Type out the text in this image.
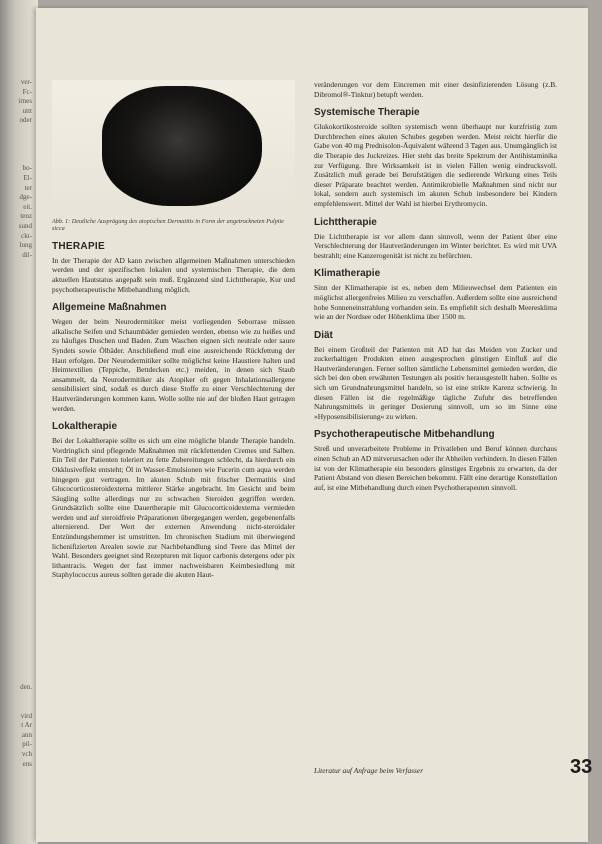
ver-
Fc-
irnes
uttt
oder
bo-
El-
ter
dge-
eit.
tenz
sund
ckt-
lung
dil-
den.
vird
t Ar
ann
pil-
vch
ens
Abb. 1: Deutliche Ausprägung des atopischen Dermatitis in Form der angetrockneten Pulpite sicca
THERAPIE

In der Therapie der AD kann zwischen allgemeinen Maßnahmen unterschieden werden und der spezifischen lokalen und systemischen Therapie, die dem aktuellen Hautstatus angepaßt sein muß. Ergänzend sind Lichttherapie, Kur und psychotherapeutische Mitbehandlung möglich.

Allgemeine Maßnahmen

Wegen der beim Neurodermitiker meist vorliegenden Seborrase müssen alkalische Seifen und Schaumbäder gemieden werden, ebenso wie zu heißes und zu häufiges Duschen und Baden. Zum Waschen eignen sich neutrale oder saure Syndets sowie Ölbäder. Anschließend muß eine ausreichende Rückfettung der Haut erfolgen. Der Neurodermitiker sollte möglichst keine Haustiere halten und Heimtextilien (Teppiche, Bettdecken etc.) meiden, in denen sich Staub ansammelt, da Neurodermitiker als Atopiker oft gegen Inhalationsallergene sensibilisiert sind, sodaß es durch diese Stoffe zu einer Verschlechterung der Hautveränderungen kommen kann. Wolle sollte nie auf der bloßen Haut getragen werden.

Lokaltherapie

Bei der Lokaltherapie sollte es sich um eine mögliche blande Therapie handeln. Vordringlich sind pflegende Maßnahmen mit rückfettenden Cremes und Salben. Ein Teil der Patienten toleriert zu fette Zubereitungen schlecht, da hierdurch ein Okklusiveffekt entsteht; Öl in Wasser-Emulsionen wie Fucerin cum aqua werden hingegen gut vertragen. Im akuten Schub mit frischer Dermatitis sind Glucocorticosteroidexterna mittlerer Stärke angebracht. Im Gesicht und beim Säugling sollte allerdings nur zu schwachen Steroiden gegriffen werden. Grundsätzlich sollte eine Dauertherapie mit Glucocorticoidexterna vermieden werden und auf steroidfreie Präparationen übergegangen werden, gegebenenfalls alternierend. Der Wert der externen Anwendung nicht-steroidaler Entzündungshemmer ist umstritten. Im chronischen Stadium mit überwiegend lichenifizierten Arealen sowie zur Nachbehandlung sind Teere das Mittel der Wahl. Besonders geeignet sind Rezepturen mit liquor carbonis detergens oder pix lithantracis. Wegen der fast immer nachweisbaren Keimbesiedlung mit Staphylococcus aureus sollten gerade die akuten Haut-

veränderungen vor dem Eincremen mit einer desinfizierenden Lösung (z.B. Dibromol®-Tinktur) betupft werden.

Systemische Therapie

Glukokortikosteroide sollten systemisch wenn überhaupt nur kurzfristig zum Durchbrechen eines akuten Schubes gegeben werden. Meist reicht hierfür die Gabe von 40 mg Prednisolon-Äquivalent während 3 Tagen aus. Unumgänglich ist die Therapie des Juckreizes. Hier steht das breite Spektrum der Antihistaminika zur Verfügung. Ihre Wirksamkeit ist in vielen Fällen wenig eindrucksvoll. Zusätzlich muß gerade bei Berufstätigen die sedierende Wirkung eines Teils dieser Präparate beachtet werden. Antimikrobielle Maßnahmen sind nicht nur lokal, sondern auch systemisch im akuten Schub insbesondere bei Kindern empfehlenswert. Mittel der Wahl ist hierbei Erythromycin.

Lichttherapie

Die Lichttherapie ist vor allem dann sinnvoll, wenn der Patient über eine Verschlechterung der Hautveränderungen im Winter berichtet. Es wird mit UVA bestrahlt; eine Kanzerogenität ist nicht zu befürchten.

Klimatherapie

Sinn der Klimatherapie ist es, neben dem Milieuwechsel dem Patienten ein möglichst allergenfreies Milieu zu verschaffen. Außerdem sollte eine ausreichend hohe Sonneneinstrahlung vorhanden sein. Es empfiehlt sich deshalb Meeresklima wie an der Nordsee oder Höhenklima über 1500 m.

Diät

Bei einem Großteil der Patienten mit AD hat das Meiden von Zucker und zuckerhaltigen Produkten einen ausgesprochen günstigen Einfluß auf die Hautveränderungen. Ferner sollten sämtliche Lebensmittel gemieden werden, die sich bei den oben erwähnten Testungen als positiv herausgestellt haben. Sollte es sich um Grundnahrungsmittel handeln, so ist eine strikte Karenz schwierig. In diesen Fällen ist die regelmäßige tägliche Zufuhr des betreffenden Nahrungsmittels in geringer Dosierung sinnvoll, um so im Sinne eine »Hyposensibilisierung« zu wirken.

Psychotherapeutische Mitbehandlung

Streß und unverarbeitete Probleme in Privatleben und Beruf können durchaus einen Schub an AD mitverursachen oder ihr Abheilen verhindern. In diesen Fällen ist von der Klimatherapie ein besonders günstiges Ergebnis zu erwarten, da der Patient Abstand von diesen Bereichen bekommt. Fällt eine derartige Konstellation auf, ist eine Mitbehandlung durch einen Psychotherapeuten sinnvoll.

Literatur auf Anfrage beim Verfasser	33
